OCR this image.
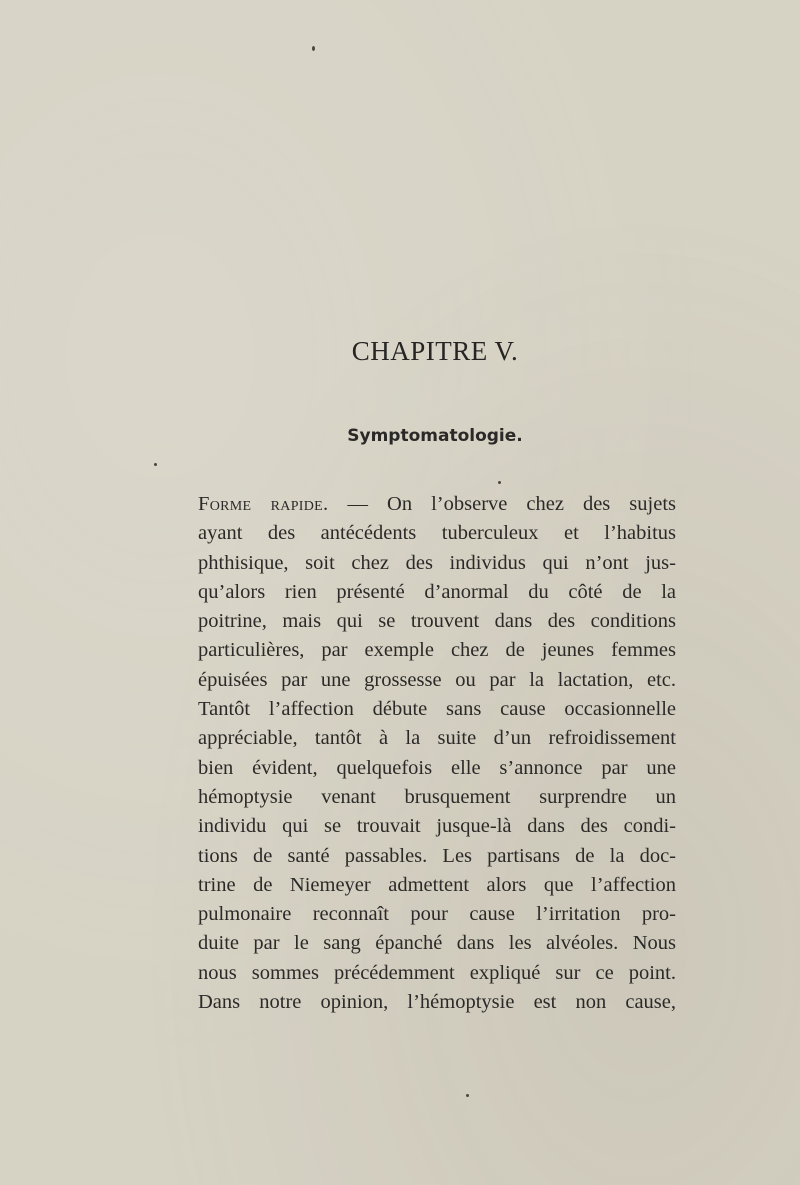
CHAPITRE V.
Symptomatologie.
Forme rapide. — On l’observe chez des sujets
ayant des antécédents tuberculeux et l’habitus
phthisique, soit chez des individus qui n’ont jus-
qu’alors rien présenté d’anormal du côté de la
poitrine, mais qui se trouvent dans des conditions
particulières, par exemple chez de jeunes femmes
épuisées par une grossesse ou par la lactation, etc.
Tantôt l’affection débute sans cause occasionnelle
appréciable, tantôt à la suite d’un refroidissement
bien évident, quelquefois elle s’annonce par une
hémoptysie venant brusquement surprendre un
individu qui se trouvait jusque-là dans des condi-
tions de santé passables. Les partisans de la doc-
trine de Niemeyer admettent alors que l’affection
pulmonaire reconnaît pour cause l’irritation pro-
duite par le sang épanché dans les alvéoles. Nous
nous sommes précédemment expliqué sur ce point.
Dans notre opinion, l’hémoptysie est non cause,
